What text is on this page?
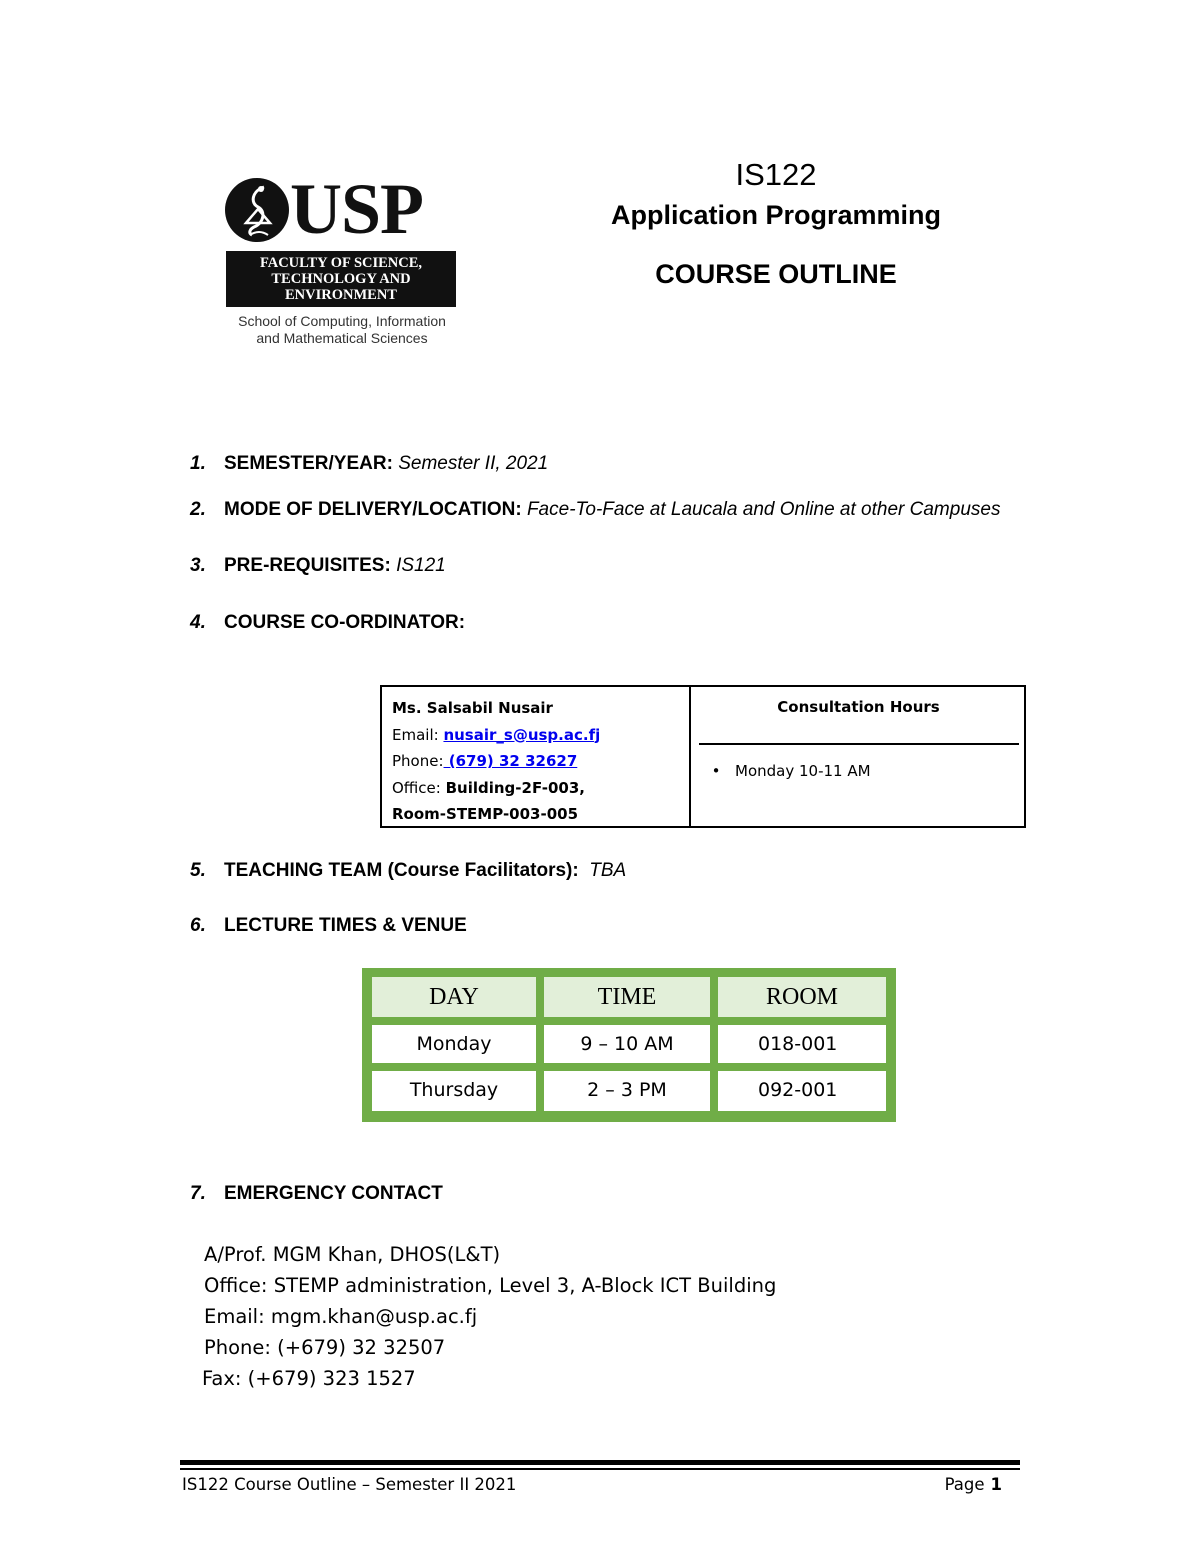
USP
FACULTY OF SCIENCE,
TECHNOLOGY AND
ENVIRONMENT
School of Computing, Information
and Mathematical Sciences
IS122
Application Programming
COURSE OUTLINE
1. SEMESTER/YEAR: Semester II, 2021
2. MODE OF DELIVERY/LOCATION: Face-To-Face at Laucala and Online at other Campuses
3. PRE-REQUISITES: IS121
4. COURSE CO-ORDINATOR:
Ms. Salsabil Nusair
Email: nusair_s@usp.ac.fj
Phone: (679) 32 32627
Office: Building-2F-003,
Room-STEMP-003-005
Consultation Hours
• Monday 10-11 AM
5. TEACHING TEAM (Course Facilitators): TBA
6. LECTURE TIMES & VENUE
DAY	TIME	ROOM
Monday	9 – 10 AM	018-001
Thursday	2 – 3 PM	092-001
7. EMERGENCY CONTACT
A/Prof. MGM Khan, DHOS(L&T)
Office: STEMP administration, Level 3, A-Block ICT Building
Email: mgm.khan@usp.ac.fj
Phone: (+679) 32 32507
Fax: (+679) 323 1527
IS122 Course Outline – Semester II 2021	Page 1
